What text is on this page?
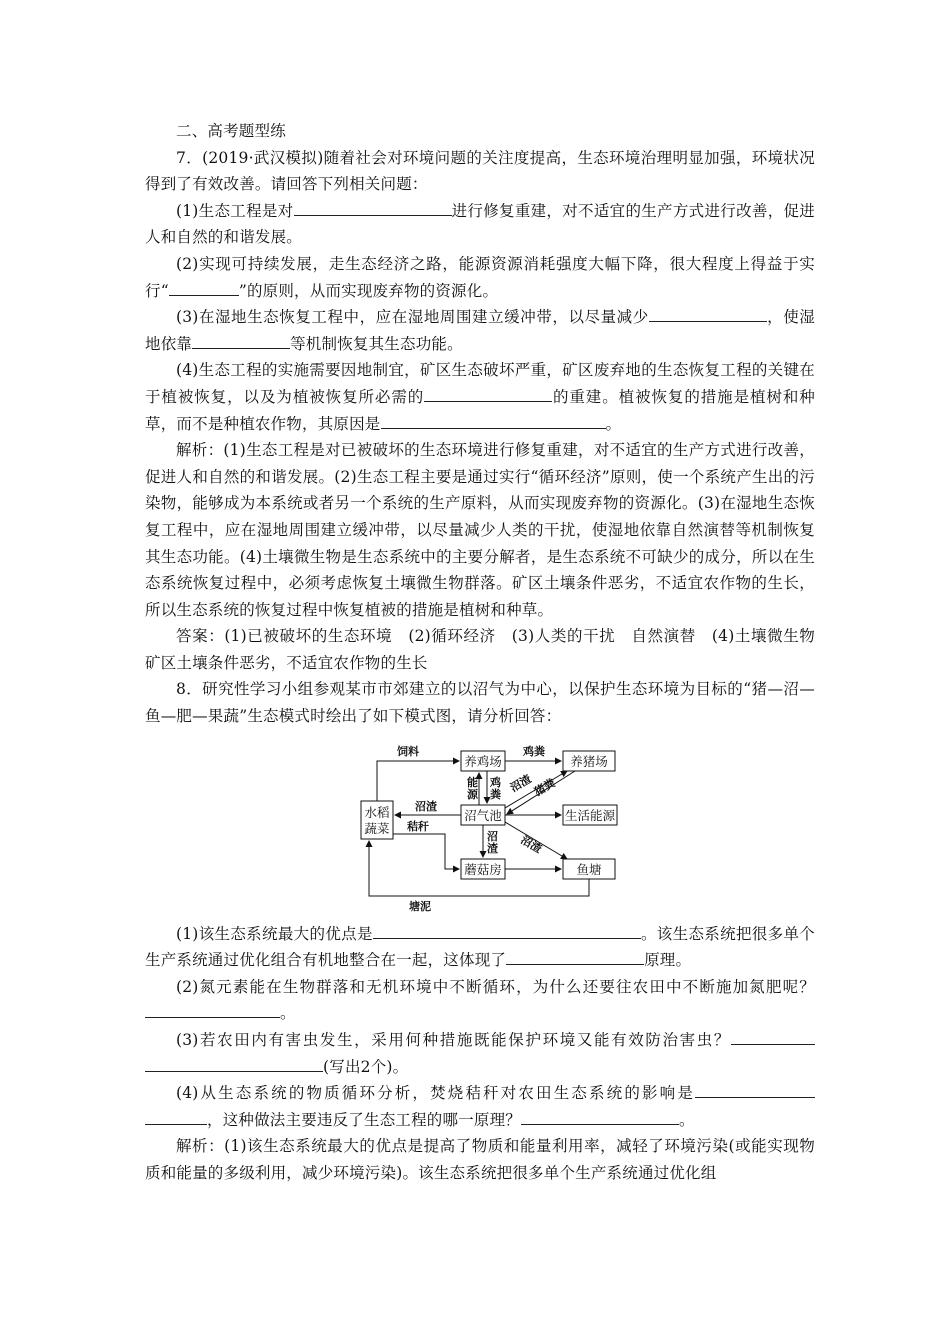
二、高考题型练

7．(2019·武汉模拟)随着社会对环境问题的关注度提高，生态环境治理明显加强，环境状况得到了有效改善。请回答下列相关问题：

(1)生态工程是对	进行修复重建，对不适宜的生产方式进行改善，促进人和自然的和谐发展。

(2)实现可持续发展，走生态经济之路，能源资源消耗强度大幅下降，很大程度上得益于实行“	”的原则，从而实现废弃物的资源化。

(3)在湿地生态恢复工程中，应在湿地周围建立缓冲带，以尽量减少	，使湿地依靠	等机制恢复其生态功能。

(4)生态工程的实施需要因地制宜，矿区生态破坏严重，矿区废弃地的生态恢复工程的关键在于植被恢复，以及为植被恢复所必需的	的重建。植被恢复的措施是植树和种草，而不是种植农作物，其原因是	。

解析：(1)生态工程是对已被破坏的生态环境进行修复重建，对不适宜的生产方式进行改善，促进人和自然的和谐发展。(2)生态工程主要是通过实行“循环经济”原则，使一个系统产生出的污染物，能够成为本系统或者另一个系统的生产原料，从而实现废弃物的资源化。(3)在湿地生态恢复工程中，应在湿地周围建立缓冲带，以尽量减少人类的干扰，使湿地依靠自然演替等机制恢复其生态功能。(4)土壤微生物是生态系统中的主要分解者，是生态系统不可缺少的成分，所以在生态系统恢复过程中，必须考虑恢复土壤微生物群落。矿区土壤条件恶劣，不适宜农作物的生长，所以生态系统的恢复过程中恢复植被的措施是植树和种草。

答案：(1)已被破坏的生态环境　(2)循环经济　(3)人类的干扰　自然演替　(4)土壤微生物　矿区土壤条件恶劣，不适宜农作物的生长

8．研究性学习小组参观某市市郊建立的以沼气为中心，以保护生态环境为目标的“猪—沼—鱼—肥—果蔬”生态模式时绘出了如下模式图，请分析回答：

水稻
蔬菜
养鸡场	养猪场
沼气池	生活能源
蘑菇房	鱼塘
饲料	鸡粪
能
源
鸡
粪 沼渣
猪粪
沼渣
秸秆
沼
渣 沼渣
塘泥

(1)该生态系统最大的优点是	。该生态系统把很多单个生产系统通过优化组合有机地整合在一起，这体现了	原理。

(2)氮元素能在生物群落和无机环境中不断循环，为什么还要往农田中不断施加氮肥呢？。

(3)若农田内有害虫发生，采用何种措施既能保护环境又能有效防治害虫？(写出2个)。

(4)从生态系统的物质循环分析，焚烧秸秆对农田生态系统的影响是，这种做法主要违反了生态工程的哪一原理？	。

解析：(1)该生态系统最大的优点是提高了物质和能量利用率，减轻了环境污染(或能实现物质和能量的多级利用，减少环境污染)。该生态系统把很多单个生产系统通过优化组
